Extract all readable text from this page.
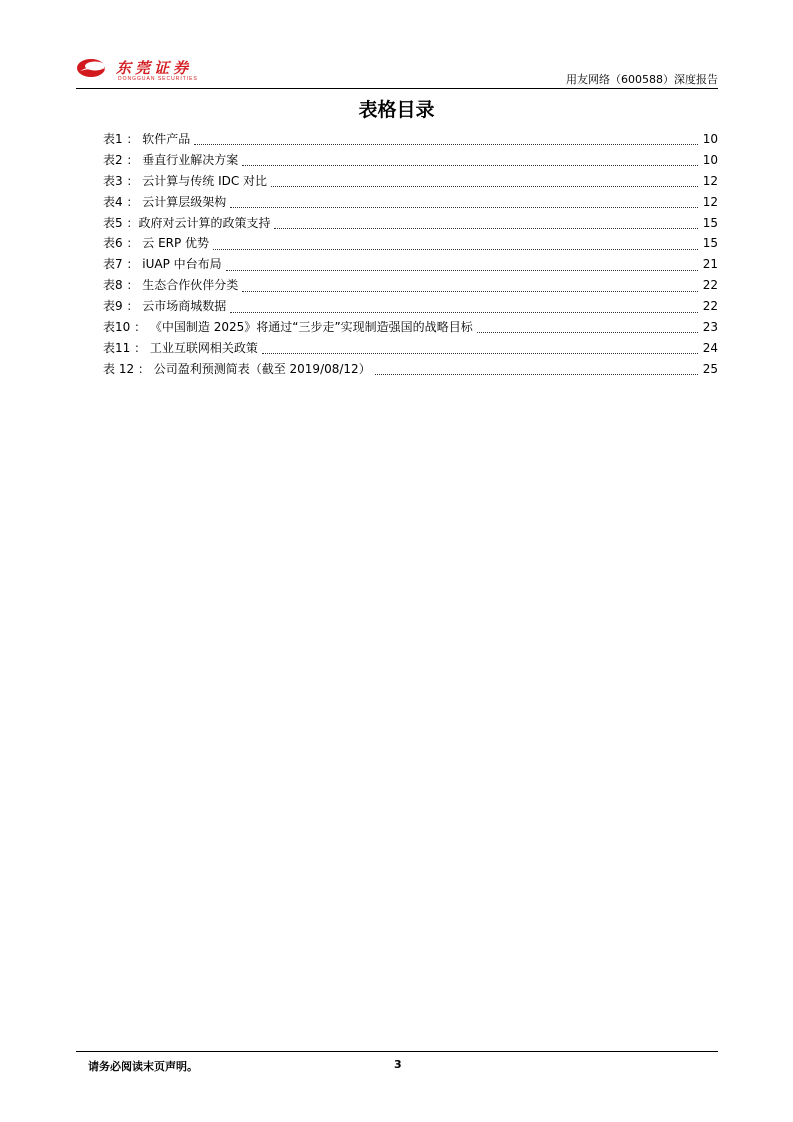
东莞证券
DONGGUAN SECURITIES	用友网络（600588）深度报告
表格目录
表1 ： 软件产品	10
表2 ： 垂直行业解决方案	10
表3 ： 云计算与传统 IDC 对比	12
表4 ： 云计算层级架构	12
表5 ：政府对云计算的政策支持	15
表6 ： 云 ERP 优势	15
表7 ： iUAP 中台布局	21
表8 ： 生态合作伙伴分类	22
表9 ： 云市场商城数据	22
表10 ： 《中国制造 2025》将通过“三步走”实现制造强国的战略目标	23
表11 ： 工业互联网相关政策	24
表 12 ： 公司盈利预测简表（截至 2019/08/12）	25
请务必阅读末页声明。	3
